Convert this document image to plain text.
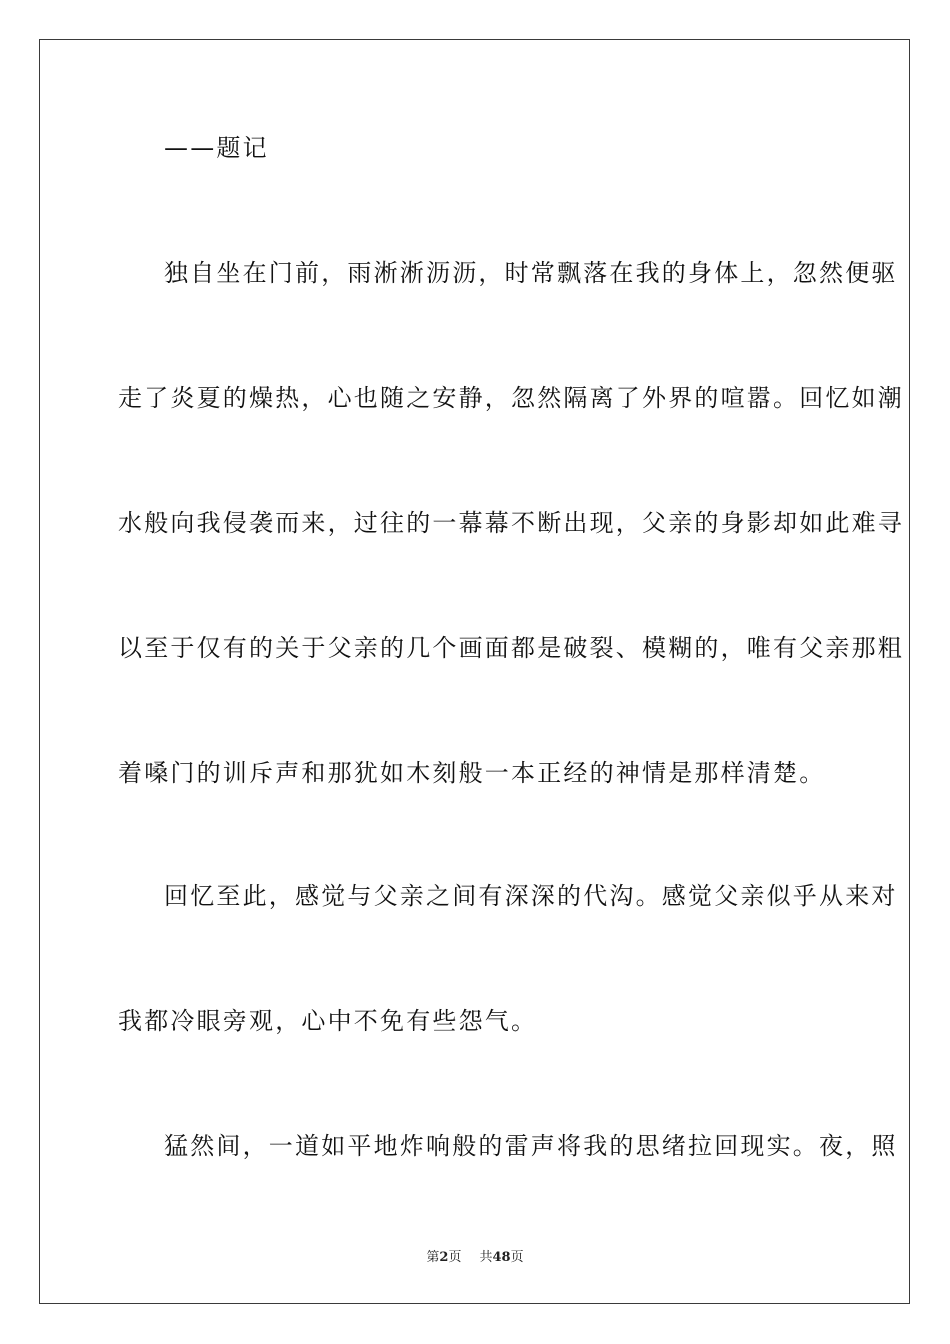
——题记
独自坐在门前，雨淅淅沥沥，时常飘落在我的身体上，忽然便驱
走了炎夏的燥热，心也随之安静，忽然隔离了外界的喧嚣。回忆如潮
水般向我侵袭而来，过往的一幕幕不断出现，父亲的身影却如此难寻
以至于仅有的关于父亲的几个画面都是破裂、模糊的，唯有父亲那粗
着嗓门的训斥声和那犹如木刻般一本正经的神情是那样清楚。
回忆至此，感觉与父亲之间有深深的代沟。感觉父亲似乎从来对
我都冷眼旁观，心中不免有些怨气。
猛然间，一道如平地炸响般的雷声将我的思绪拉回现实。夜，照
第2页 共48页
